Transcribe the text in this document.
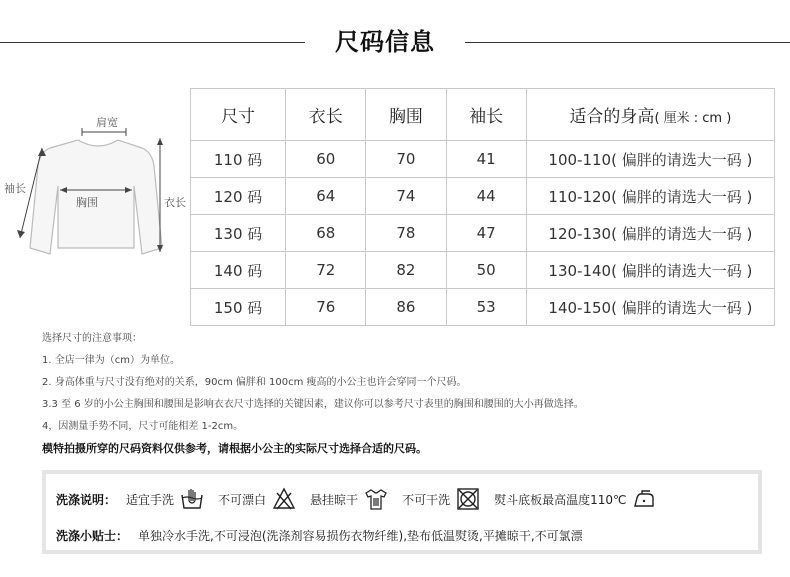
尺码信息
肩宽
袖长
胸围	衣长
尺寸	衣长	胸围	袖长	适合的身高( 厘米 : cm )
110 码	60	70	41	100-110( 偏胖的请选大一码 )
120 码	64	74	44	110-120( 偏胖的请选大一码 )
130 码	68	78	47	120-130( 偏胖的请选大一码 )
140 码	72	82	50	130-140( 偏胖的请选大一码 )
150 码	76	86	53	140-150( 偏胖的请选大一码 )
选择尺寸的注意事项：
1. 全店一律为（cm）为单位。
2. 身高体重与尺寸没有绝对的关系，90cm 偏胖和 100cm 瘦高的小公主也许会穿同一个尺码。
3.3 至 6 岁的小公主胸围和腰围是影响衣衣尺寸选择的关键因素，建议你可以参考尺寸表里的胸围和腰围的大小再做选择。
4，因测量手势不同，尺寸可能相差 1-2cm。
模特拍摄所穿的尺码资料仅供参考，请根据小公主的实际尺寸选择合适的尺码。
洗涤说明： 适宜手洗	不可漂白	悬挂晾干	不可干洗	熨斗底板最高温度110℃
洗涤小贴士： 单独冷水手洗,不可浸泡(洗涤剂容易损伤衣物纤维),垫布低温熨烫,平摊晾干,不可氯漂
